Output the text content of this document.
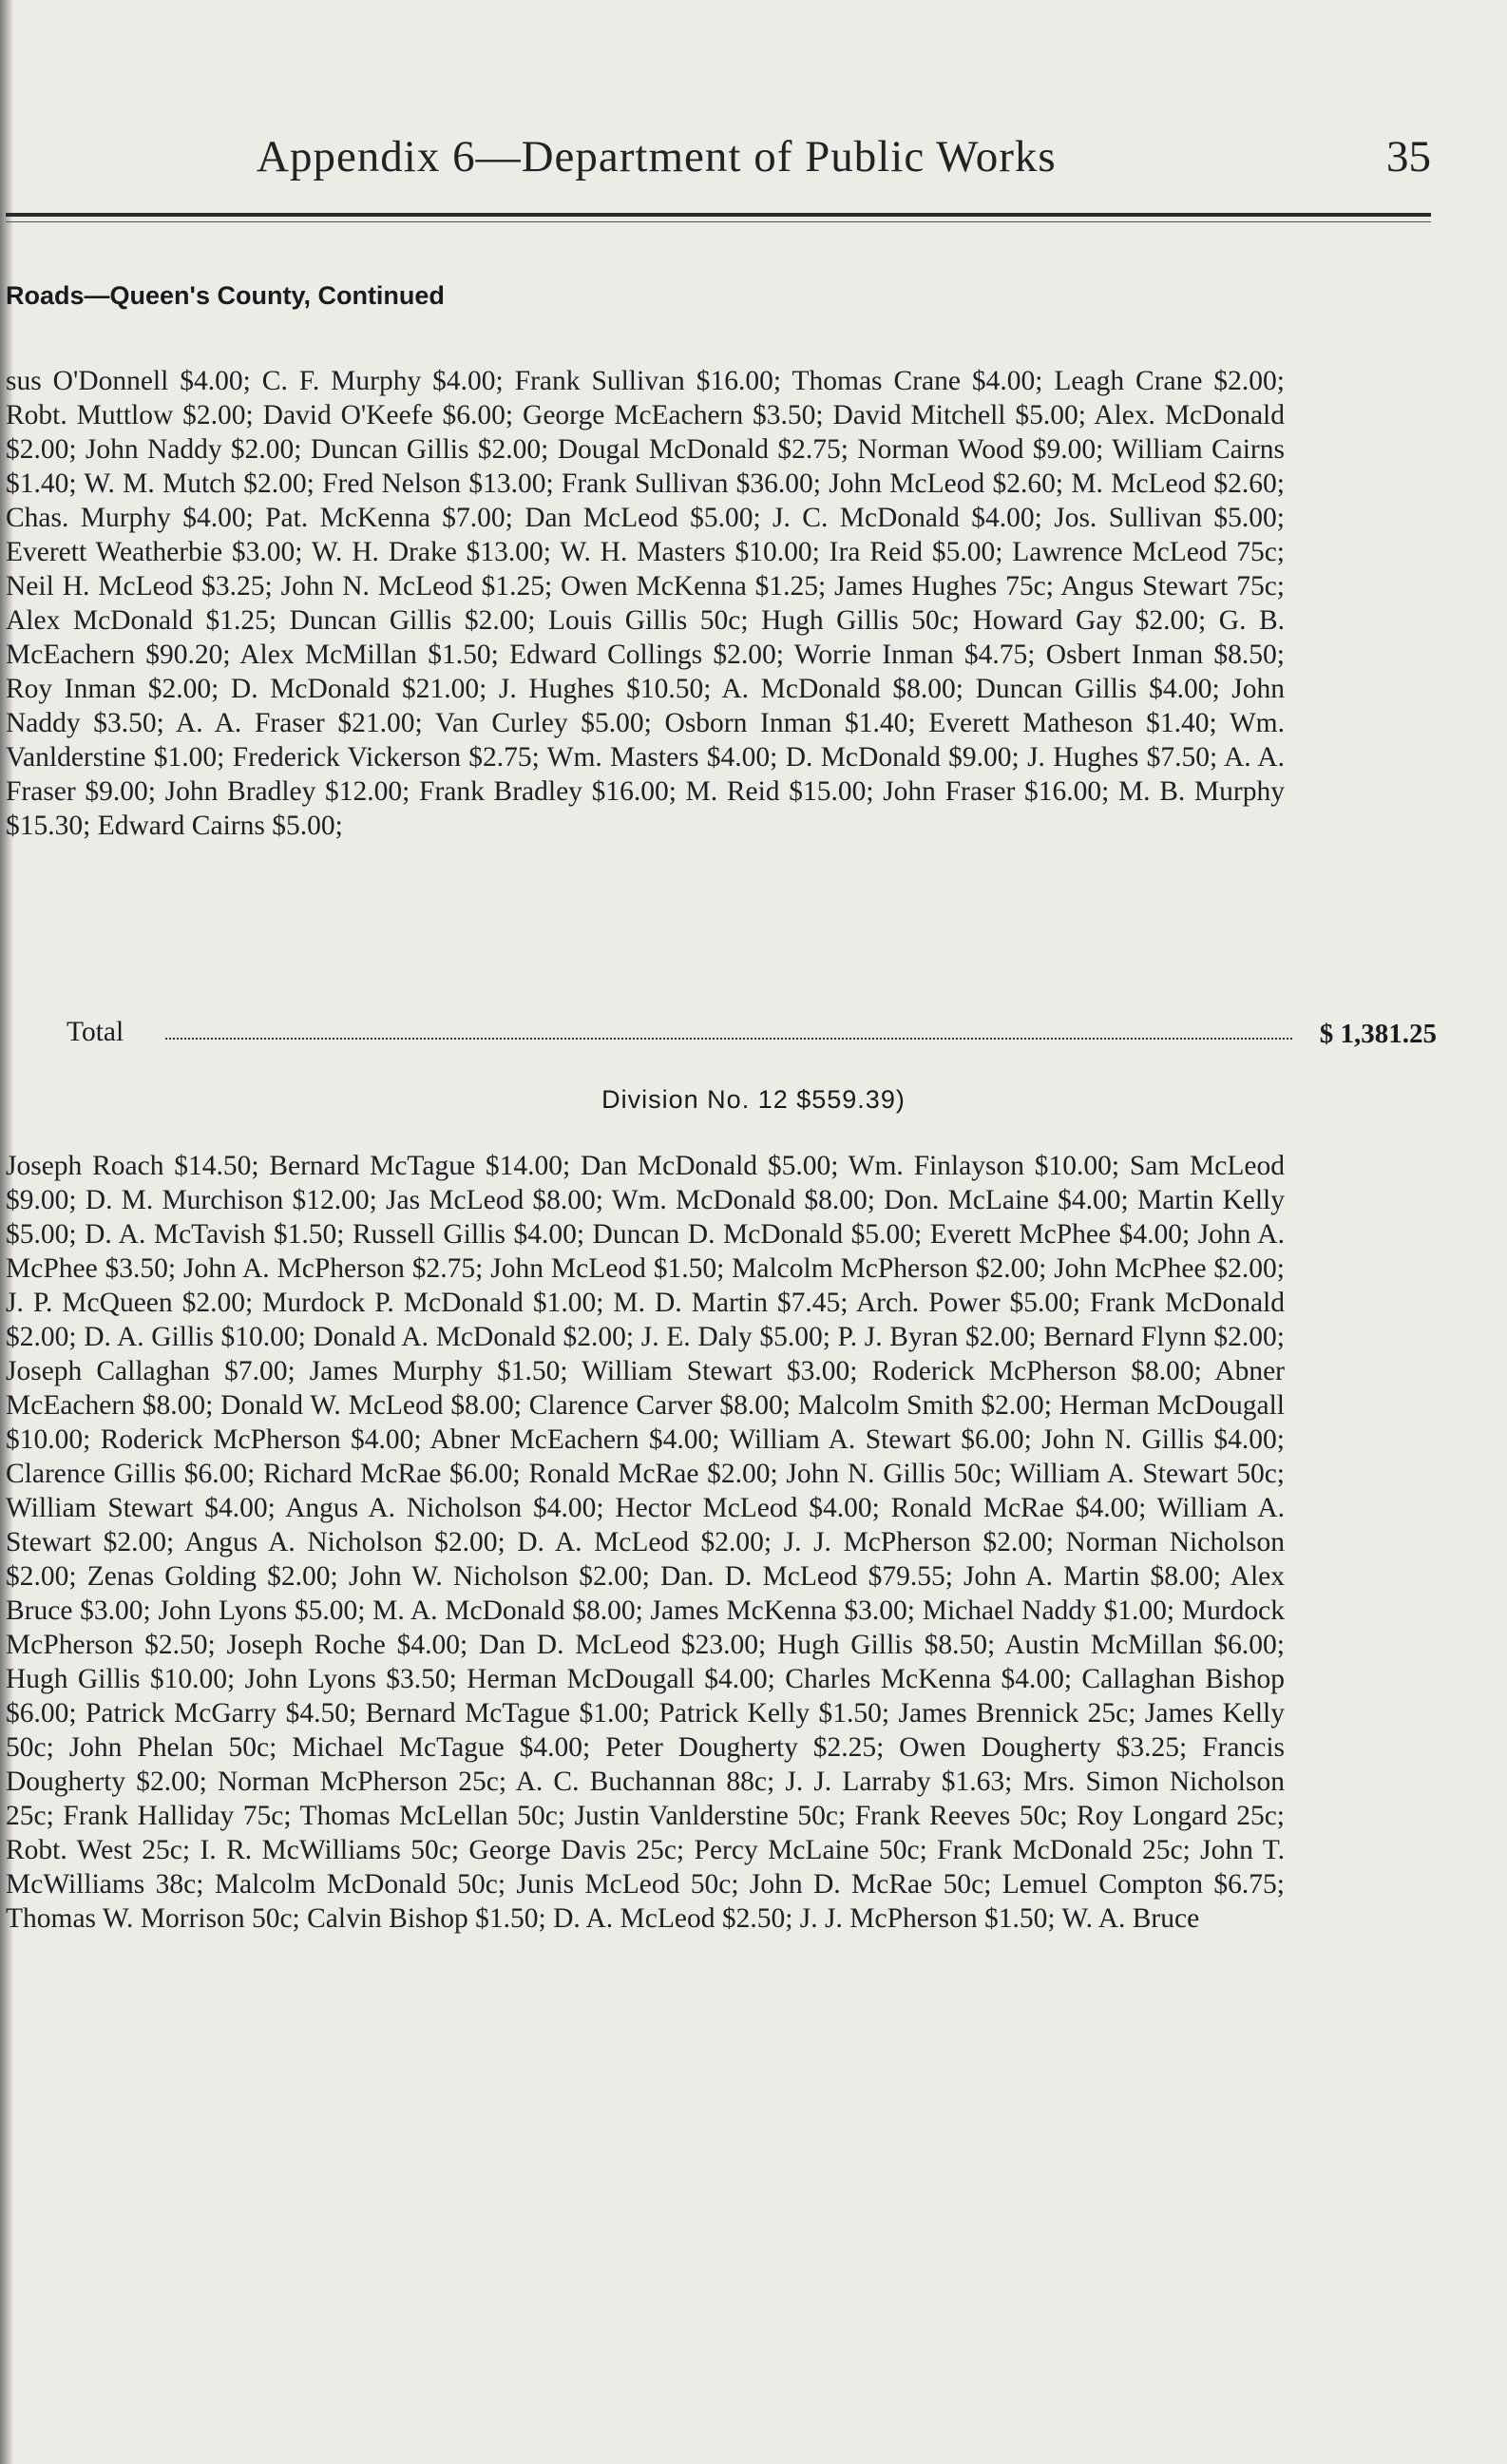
Appendix 6—Department of Public Works	35
Roads—Queen's County, Continued
sus O'Donnell $4.00; C. F. Murphy $4.00; Frank Sullivan $16.00; Thomas Crane $4.00; Leagh Crane $2.00; Robt. Muttlow $2.00; David O'Keefe $6.00; George McEachern $3.50; David Mitchell $5.00; Alex. McDonald $2.00; John Naddy $2.00; Duncan Gillis $2.00; Dougal McDonald $2.75; Norman Wood $9.00; William Cairns $1.40; W. M. Mutch $2.00; Fred Nelson $13.00; Frank Sullivan $36.00; John McLeod $2.60; M. McLeod $2.60; Chas. Murphy $4.00; Pat. McKenna $7.00; Dan McLeod $5.00; J. C. McDonald $4.00; Jos. Sullivan $5.00; Everett Weatherbie $3.00; W. H. Drake $13.00; W. H. Masters $10.00; Ira Reid $5.00; Lawrence McLeod 75c; Neil H. McLeod $3.25; John N. McLeod $1.25; Owen McKenna $1.25; James Hughes 75c; Angus Stewart 75c; Alex McDonald $1.25; Duncan Gillis $2.00; Louis Gillis 50c; Hugh Gillis 50c; Howard Gay $2.00; G. B. McEachern $90.20; Alex McMillan $1.50; Edward Collings $2.00; Worrie Inman $4.75; Osbert Inman $8.50; Roy Inman $2.00; D. McDonald $21.00; J. Hughes $10.50; A. McDonald $8.00; Duncan Gillis $4.00; John Naddy $3.50; A. A. Fraser $21.00; Van Curley $5.00; Osborn Inman $1.40; Everett Matheson $1.40; Wm. Vanlderstine $1.00; Frederick Vickerson $2.75; Wm. Masters $4.00; D. McDonald $9.00; J. Hughes $7.50; A. A. Fraser $9.00; John Bradley $12.00; Frank Bradley $16.00; M. Reid $15.00; John Fraser $16.00; M. B. Murphy $15.30; Edward Cairns $5.00;
Total	$ 1,381.25
Division No. 12 $559.39)
Joseph Roach $14.50; Bernard McTague $14.00; Dan McDonald $5.00; Wm. Finlayson $10.00; Sam McLeod $9.00; D. M. Murchison $12.00; Jas McLeod $8.00; Wm. McDonald $8.00; Don. McLaine $4.00; Martin Kelly $5.00; D. A. McTavish $1.50; Russell Gillis $4.00; Duncan D. McDonald $5.00; Everett McPhee $4.00; John A. McPhee $3.50; John A. McPherson $2.75; John McLeod $1.50; Malcolm McPherson $2.00; John McPhee $2.00; J. P. McQueen $2.00; Murdock P. McDonald $1.00; M. D. Martin $7.45; Arch. Power $5.00; Frank McDonald $2.00; D. A. Gillis $10.00; Donald A. McDonald $2.00; J. E. Daly $5.00; P. J. Byran $2.00; Bernard Flynn $2.00; Joseph Callaghan $7.00; James Murphy $1.50; William Stewart $3.00; Roderick McPherson $8.00; Abner McEachern $8.00; Donald W. McLeod $8.00; Clarence Carver $8.00; Malcolm Smith $2.00; Herman McDougall $10.00; Roderick McPherson $4.00; Abner McEachern $4.00; William A. Stewart $6.00; John N. Gillis $4.00; Clarence Gillis $6.00; Richard McRae $6.00; Ronald McRae $2.00; John N. Gillis 50c; William A. Stewart 50c; William Stewart $4.00; Angus A. Nicholson $4.00; Hector McLeod $4.00; Ronald McRae $4.00; William A. Stewart $2.00; Angus A. Nicholson $2.00; D. A. McLeod $2.00; J. J. McPherson $2.00; Norman Nicholson $2.00; Zenas Golding $2.00; John W. Nicholson $2.00; Dan. D. McLeod $79.55; John A. Martin $8.00; Alex Bruce $3.00; John Lyons $5.00; M. A. McDonald $8.00; James McKenna $3.00; Michael Naddy $1.00; Murdock McPherson $2.50; Joseph Roche $4.00; Dan D. McLeod $23.00; Hugh Gillis $8.50; Austin McMillan $6.00; Hugh Gillis $10.00; John Lyons $3.50; Herman McDougall $4.00; Charles McKenna $4.00; Callaghan Bishop $6.00; Patrick McGarry $4.50; Bernard McTague $1.00; Patrick Kelly $1.50; James Brennick 25c; James Kelly 50c; John Phelan 50c; Michael McTague $4.00; Peter Dougherty $2.25; Owen Dougherty $3.25; Francis Dougherty $2.00; Norman McPherson 25c; A. C. Buchannan 88c; J. J. Larraby $1.63; Mrs. Simon Nicholson 25c; Frank Halliday 75c; Thomas McLellan 50c; Justin Vanlderstine 50c; Frank Reeves 50c; Roy Longard 25c; Robt. West 25c; I. R. McWilliams 50c; George Davis 25c; Percy McLaine 50c; Frank McDonald 25c; John T. McWilliams 38c; Malcolm McDonald 50c; Junis McLeod 50c; John D. McRae 50c; Lemuel Compton $6.75; Thomas W. Morrison 50c; Calvin Bishop $1.50; D. A. McLeod $2.50; J. J. McPherson $1.50; W. A. Bruce
